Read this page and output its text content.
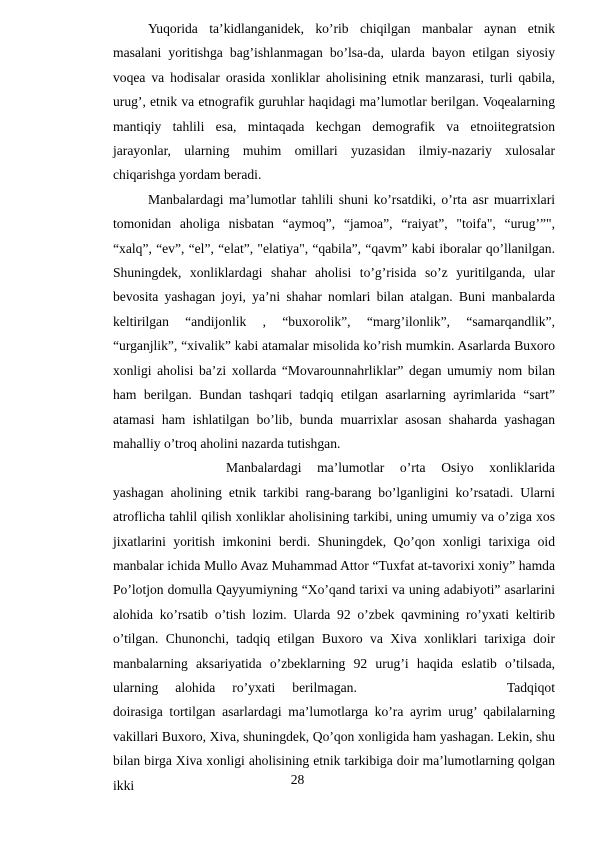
Yuqorida ta’kidlanganidek, ko’rib chiqilgan manbalar aynan etnik masalani yoritishga bag’ishlanmagan bo’lsa-da, ularda bayon etilgan siyosiy voqea va hodisalar orasida xonliklar aholisining etnik manzarasi, turli qabila, urug’, etnik va etnografik guruhlar haqidagi ma’lumotlar berilgan. Voqealarning mantiqiy tahlili esa, mintaqada kechgan demografik va etnoiitegratsion jarayonlar, ularning muhim omillari yuzasidan ilmiy-nazariy xulosalar chiqarishga yordam beradi.

Manbalardagi ma’lumotlar tahlili shuni ko’rsatdiki, o’rta asr muarrixlari tomonidan aholiga nisbatan “aymoq”, “jamoa”, “raiyat”, "toifa", “urug’”", “xalq”, “ev”, “el”, “elat”, "elatiya", “qabila”, “qavm” kabi iboralar qo’llanilgan. Shuningdek, xonliklardagi shahar aholisi to’g’risida so’z yuritilganda, ular bevosita yashagan joyi, ya’ni shahar nomlari bilan atalgan. Buni manbalarda keltirilgan “andijonlik , “buxorolik”, “marg’ilonlik”, “samarqandlik”, “urganjlik”, “xivalik” kabi atamalar misolida ko’rish mumkin. Asarlarda Buxoro xonligi aholisi ba’zi xollarda “Movarounnahrliklar” degan umumiy nom bilan ham berilgan. Bundan tashqari tadqiq etilgan asarlarning ayrimlarida “sart” atamasi ham ishlatilgan bo’lib, bunda muarrixlar asosan shaharda yashagan mahalliy o’troq aholini nazarda tutishgan.

Manbalardagi ma’lumotlar o’rta Osiyo xonliklarida yashagan aholining etnik tarkibi rang-barang bo’lganligini ko’rsatadi. Ularni atroflicha tahlil qilish xonliklar aholisining tarkibi, uning umumiy va o’ziga xos jixatlarini yoritish imkonini berdi. Shuningdek, Qo’qon xonligi tarixiga oid manbalar ichida Mullo Avaz Muhammad Attor “Tuxfat at-tavorixi xoniy” hamda Po’lotjon domulla Qayyumiyning “Xo’qand tarixi va uning adabiyoti” asarlarini alohida ko’rsatib o’tish lozim. Ularda 92 o’zbek qavmining ro’yxati keltirib o’tilgan. Chunonchi, tadqiq etilgan Buxoro va Xiva xonliklari tarixiga doir manbalarning aksariyatida o’zbeklarning 92 urug’i haqida eslatib o’tilsada, ularning alohida ro’yxati berilmagan.	Tadqiqot doirasiga tortilgan asarlardagi ma’lumotlarga ko’ra ayrim urug’ qabilalarning vakillari Buxoro, Xiva, shuningdek, Qo’qon xonligida ham yashagan. Lekin, shu bilan birga Xiva xonligi aholisining etnik tarkibiga doir ma’lumotlarning qolgan ikki	28
